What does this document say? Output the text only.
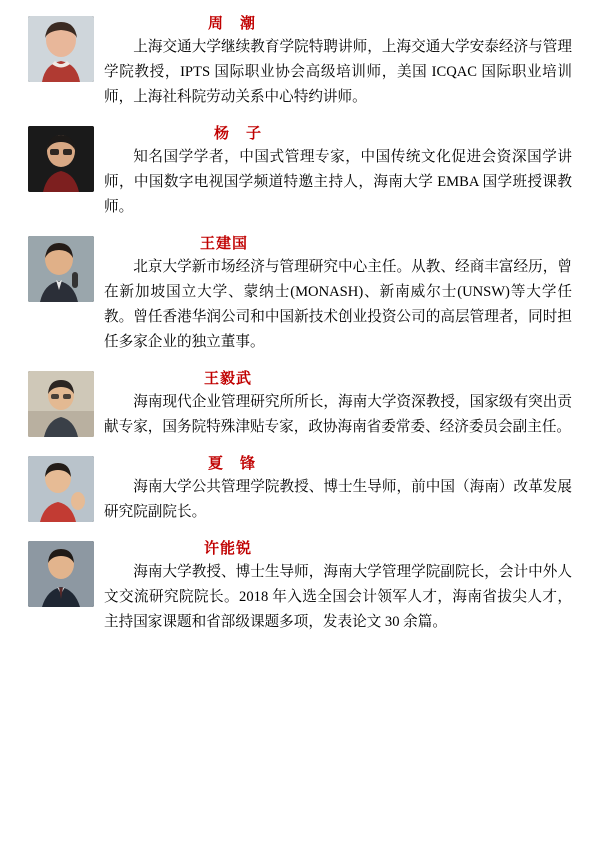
周　潮
上海交通大学继续教育学院特聘讲师，上海交通大学安泰经济与管理学院教授，IPTS 国际职业协会高级培训师，美国 ICQAC 国际职业培训师，上海社科院劳动关系中心特约讲师。
杨　子
知名国学学者，中国式管理专家，中国传统文化促进会资深国学讲师，中国数字电视国学频道特邀主持人，海南大学 EMBA 国学班授课教师。
王建国
北京大学新市场经济与管理研究中心主任。从教、经商丰富经历，曾在新加坡国立大学、蒙纳士(MONASH)、新南威尔士(UNSW)等大学任教。曾任香港华润公司和中国新技术创业投资公司的高层管理者，同时担任多家企业的独立董事。
王毅武
海南现代企业管理研究所所长，海南大学资深教授，国家级有突出贡献专家，国务院特殊津贴专家，政协海南省委常委、经济委员会副主任。
夏　锋
海南大学公共管理学院教授、博士生导师，前中国（海南）改革发展研究院副院长。
许能锐
海南大学教授、博士生导师，海南大学管理学院副院长，会计中外人文交流研究院院长。2018 年入选全国会计领军人才，海南省拔尖人才，主持国家课题和省部级课题多项，发表论文 30 余篇。
